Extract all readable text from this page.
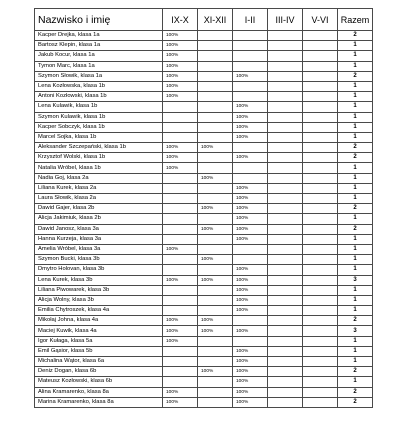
Nazwisko i imię	IX-X	XI-XII	I-II	III-IV	V-VI	Razem
Kacper Drejka, klasa 1a	100%					2
Bartosz Klepin, klasa 1a	100%					1
Jakub Kocur, klasa 1a	100%					1
Tymon Marc, klasa 1a	100%					1
Szymon Słowik, klasa 1a	100%		100%			2
Lena Kozłowska, klasa 1b	100%					1
Antoni Kozłowski, klasa 1b	100%					1
Lena Kulawik, klasa 1b			100%			1
Szymon Kulawik, klasa 1b			100%			1
Kacper Sobczyk, klasa 1b			100%			1
Marcel Sojka, klasa 1b			100%			1
Aleksander Szczepański, klasa 1b	100%	100%				2
Krzysztof Wolski, klasa 1b	100%		100%			2
Natalia Wróbel, klasa 1b	100%					1
Nadia Goj, klasa 2a		100%				1
Liliana Kurek, klasa 2a			100%			1
Laura Słowik, klasa 2a			100%			1
Dawid Gajer, klasa 2b		100%	100%			2
Alicja Jakimiuk, klasa 2b			100%			1
Dawid Janosz, klasa 3a		100%	100%			2
Hanna Kurzeja, klasa 3a			100%			1
Amelia Wróbel, klasa 3a	100%					1
Szymon Bucki, klasa 3b		100%				1
Dmytro Holovan, klasa 3b			100%			1
Lena Kurek, klasa 3b	100%	100%	100%			3
Liliana Piwowarek, klasa 3b			100%			1
Alicja Wolny, klasa 3b			100%			1
Emilia Chytroszek, klasa 4a			100%			1
Mikołaj Johna, klasa 4a	100%	100%				2
Maciej Kuwik, klasa 4a	100%	100%	100%			3
Igor Kułaga, klasa 5a	100%					1
Emil Gąsior, klasa 5b			100%			1
Michalina Wątor, klasa 6a			100%			1
Deniz Dogan, klasa 6b		100%	100%			2
Mateusz Kozłowski, klasa 6b			100%			1
Alina Kramarenko, klasa 8a	100%		100%			2
Marina Kramarenko, klasa 8a	100%		100%			2
